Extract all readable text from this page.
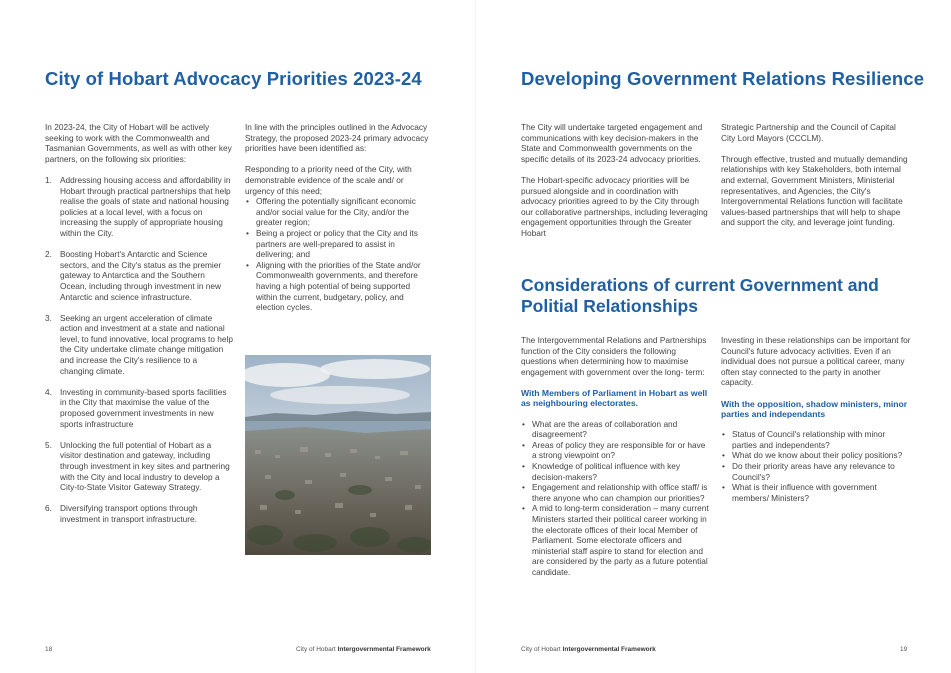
City of Hobart Advocacy Priorities 2023-24

In 2023-24, the City of Hobart will be actively seeking to work with the Commonwealth and Tasmanian Governments, as well as with other key partners, on the following six priorities:

1. Addressing housing access and affordability in Hobart through practical partnerships that help realise the goals of state and national housing policies at a local level, with a focus on increasing the supply of appropriate housing within the City.
2. Boosting Hobart's Antarctic and Science sectors, and the City's status as the premier gateway to Antarctica and the Southern Ocean, including through investment in new Antarctic and science infrastructure.
3. Seeking an urgent acceleration of climate action and investment at a state and national level, to fund innovative, local programs to help the City undertake climate change mitigation and increase the City's resilience to a changing climate.
4. Investing in community-based sports facilities in the City that maximise the value of the proposed government investments in new sports infrastructure
5. Unlocking the full potential of Hobart as a visitor destination and gateway, including through investment in key sites and partnering with the City and local industry to develop a City-to-State Visitor Gateway Strategy.
6. Diversifying transport options through investment in transport infrastructure.

In line with the principles outlined in the Advocacy Strategy, the proposed 2023-24 primary advocacy priorities have been identified as:

Responding to a priority need of the City, with demonstrable evidence of the scale and/ or urgency of this need;
• Offering the potentially significant economic and/or social value for the City, and/or the greater region;
• Being a project or policy that the City and its partners are well-prepared to assist in delivering; and
• Aligning with the priorities of the State and/or Commonwealth governments, and therefore having a high potential of being supported within the current, budgetary, policy, and election cycles.
18	City of Hobart Intergovernmental Framework
Developing Government Relations Resilience

The City will undertake targeted engagement and communications with key decision-makers in the State and Commonwealth governments on the specific details of its 2023-24 advocacy priorities.

The Hobart-specific advocacy priorities will be pursued alongside and in coordination with advocacy priorities agreed to by the City through our collaborative partnerships, including leveraging engagement opportunities through the Greater Hobart

Strategic Partnership and the Council of Capital City Lord Mayors (CCCLM).

Through effective, trusted and mutually demanding relationships with key Stakeholders, both internal and external, Government Ministers, Ministerial representatives, and Agencies, the City's Intergovernmental Relations function will facilitate values-based partnerships that will help to shape and support the city, and leverage joint funding.

Considerations of current Government and Politial Relationships

The Intergovernmental Relations and Partnerships function of the City considers the following questions when determining how to maximise engagement with government over the long- term:

With Members of Parliament in Hobart as well as neighbouring electorates.
• What are the areas of collaboration and disagreement?
• Areas of policy they are responsible for or have a strong viewpoint on?
• Knowledge of political influence with key decision-makers?
• Engagement and relationship with office staff/ is there anyone who can champion our priorities?
• A mid to long-term consideration – many current Ministers started their political career working in the electorate offices of their local Member of Parliament. Some electorate officers and ministerial staff aspire to stand for election and are considered by the party as a future potential candidate.

Investing in these relationships can be important for Council's future advocacy activities. Even if an individual does not pursue a political career, many often stay connected to the party in another capacity.

With the opposition, shadow ministers, minor parties and independants
• Status of Council's relationship with minor parties and independents?
• What do we know about their policy positions?
• Do their priority areas have any relevance to Council's?
• What is their influence with government members/ Ministers?
City of Hobart Intergovernmental Framework	19
